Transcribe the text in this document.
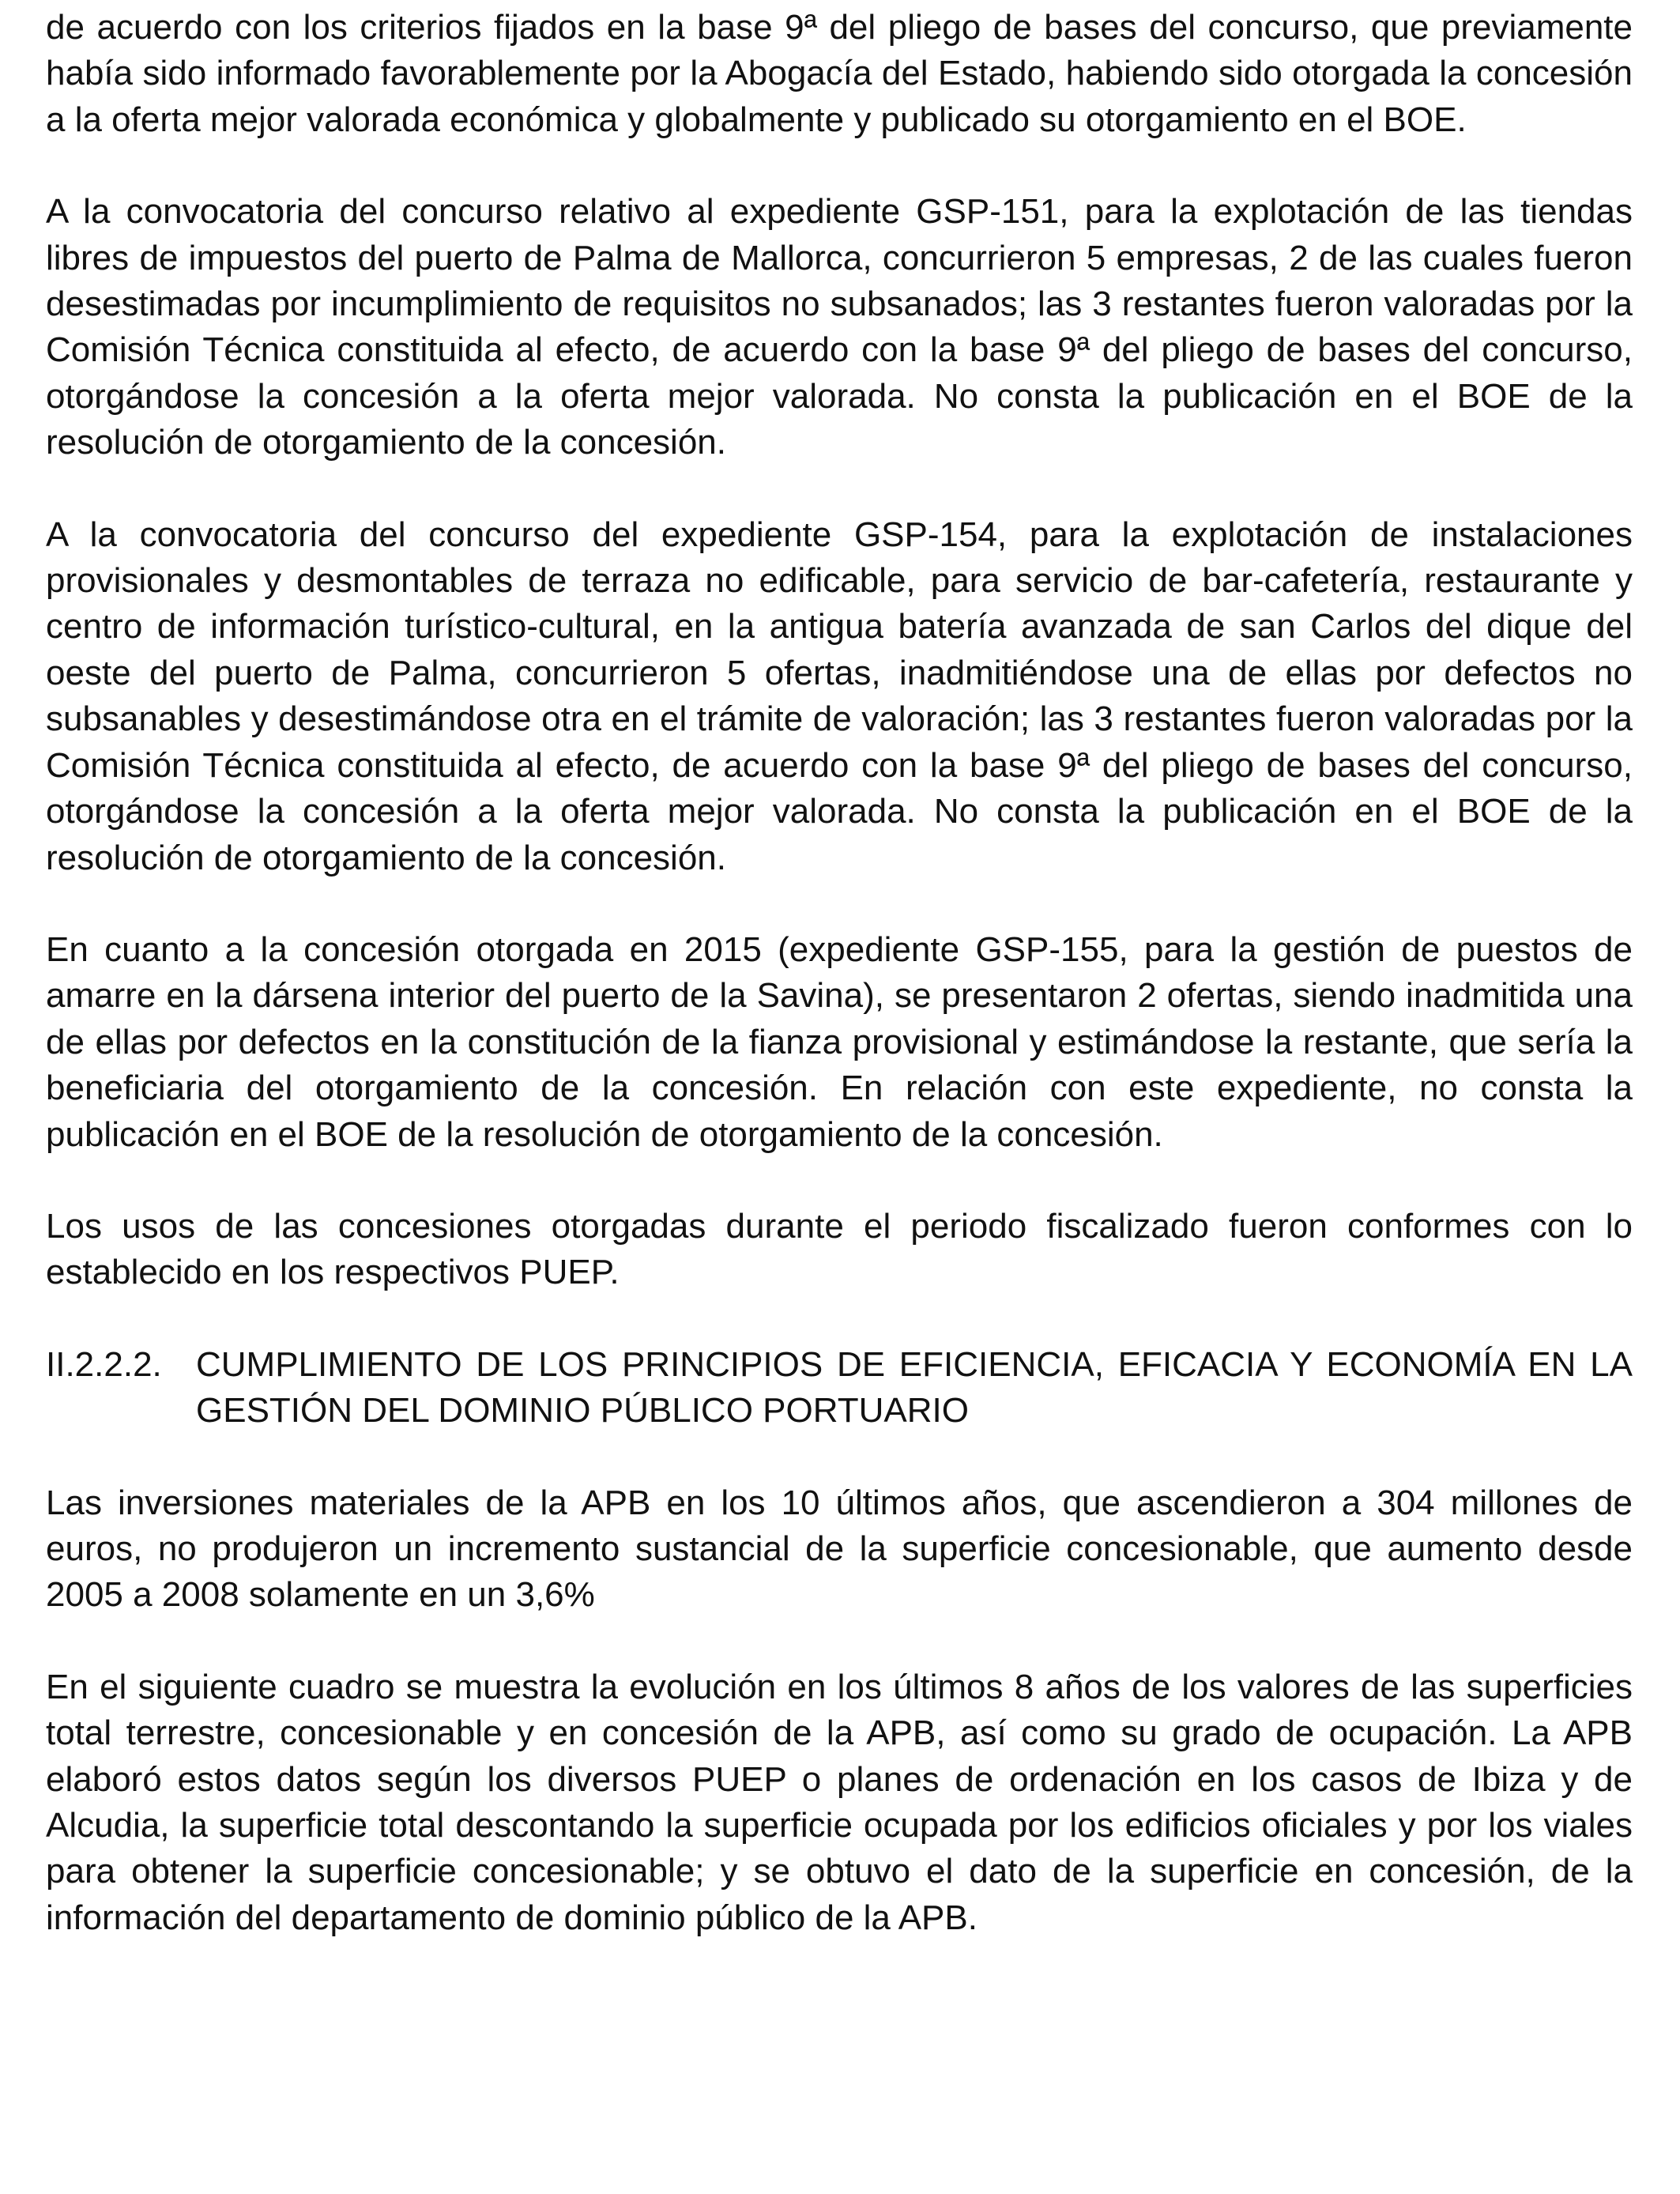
de acuerdo con los criterios fijados en la base 9ª del pliego de bases del concurso, que previamente había sido informado favorablemente por la Abogacía del Estado, habiendo sido otorgada la concesión a la oferta mejor valorada económica y globalmente y publicado su otorgamiento en el BOE.

A la convocatoria del concurso relativo al expediente GSP-151, para la explotación de las tiendas libres de impuestos del puerto de Palma de Mallorca, concurrieron 5 empresas, 2 de las cuales fueron desestimadas por incumplimiento de requisitos no subsanados; las 3 restantes fueron valoradas por la Comisión Técnica constituida al efecto, de acuerdo con la base 9ª del pliego de bases del concurso, otorgándose la concesión a la oferta mejor valorada. No consta la publicación en el BOE de la resolución de otorgamiento de la concesión.

A la convocatoria del concurso del expediente GSP-154, para la explotación de instalaciones provisionales y desmontables de terraza no edificable, para servicio de bar-cafetería, restaurante y centro de información turístico-cultural, en la antigua batería avanzada de san Carlos del dique del oeste del puerto de Palma, concurrieron 5 ofertas, inadmitiéndose una de ellas por defectos no subsanables y desestimándose otra en el trámite de valoración; las 3 restantes fueron valoradas por la Comisión Técnica constituida al efecto, de acuerdo con la base 9ª del pliego de bases del concurso, otorgándose la concesión a la oferta mejor valorada. No consta la publicación en el BOE de la resolución de otorgamiento de la concesión.

En cuanto a la concesión otorgada en 2015 (expediente GSP-155, para la gestión de puestos de amarre en la dársena interior del puerto de la Savina), se presentaron 2 ofertas, siendo inadmitida una de ellas por defectos en la constitución de la fianza provisional y estimándose la restante, que sería la beneficiaria del otorgamiento de la concesión. En relación con este expediente, no consta la publicación en el BOE de la resolución de otorgamiento de la concesión.

Los usos de las concesiones otorgadas durante el periodo fiscalizado fueron conformes con lo establecido en los respectivos PUEP.

II.2.2.2. CUMPLIMIENTO DE LOS PRINCIPIOS DE EFICIENCIA, EFICACIA Y ECONOMÍA EN LA GESTIÓN DEL DOMINIO PÚBLICO PORTUARIO

Las inversiones materiales de la APB en los 10 últimos años, que ascendieron a 304 millones de euros, no produjeron un incremento sustancial de la superficie concesionable, que aumento desde 2005 a 2008 solamente en un 3,6%

En el siguiente cuadro se muestra la evolución en los últimos 8 años de los valores de las superficies total terrestre, concesionable y en concesión de la APB, así como su grado de ocupación. La APB elaboró estos datos según los diversos PUEP o planes de ordenación en los casos de Ibiza y de Alcudia, la superficie total descontando la superficie ocupada por los edificios oficiales y por los viales para obtener la superficie concesionable; y se obtuvo el dato de la superficie en concesión, de la información del departamento de dominio público de la APB.
